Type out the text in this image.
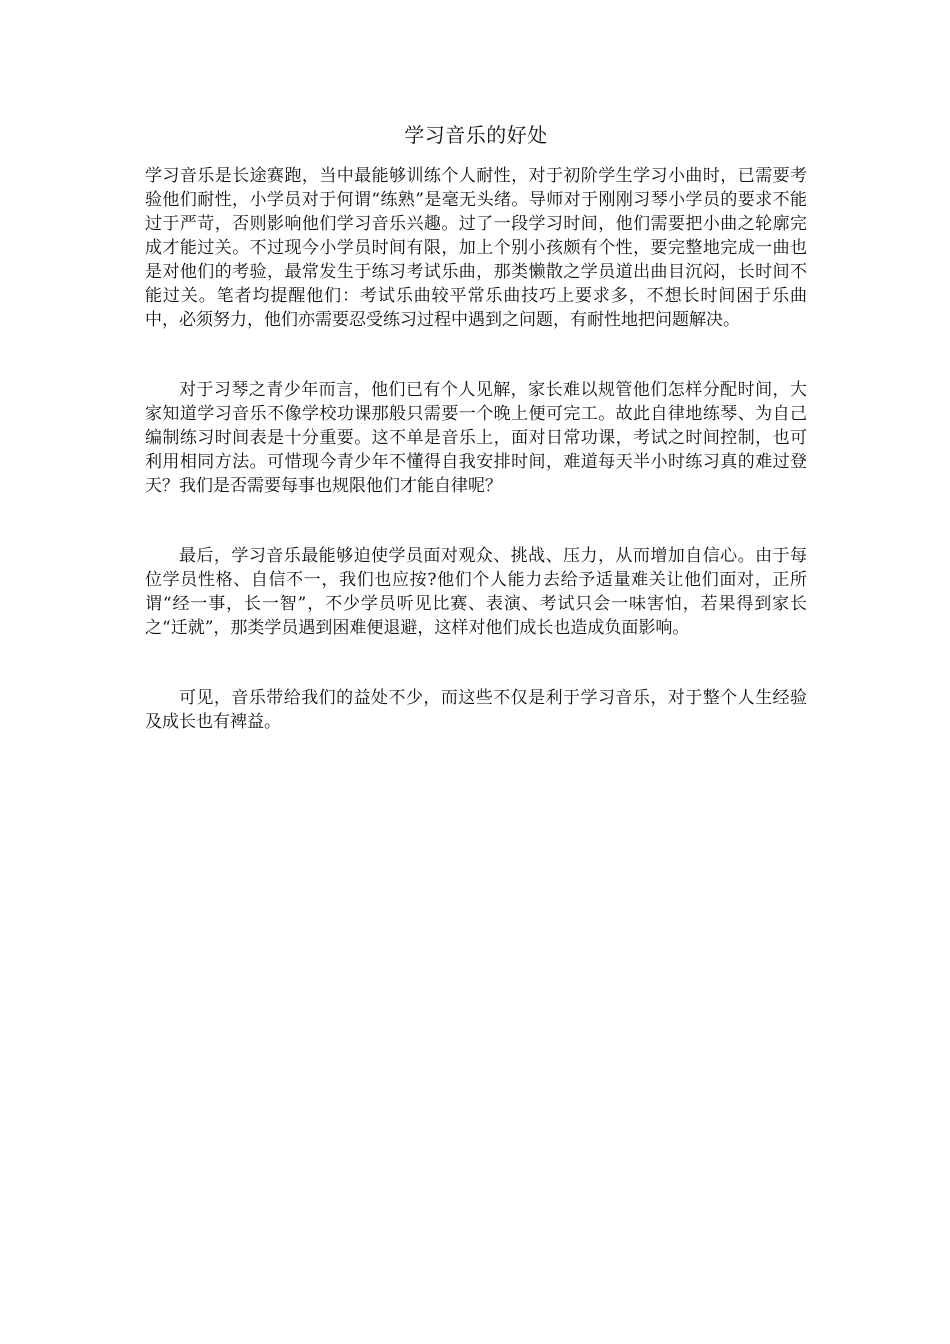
学习音乐的好处

学习音乐是长途赛跑，当中最能够训练个人耐性，对于初阶学生学习小曲时，已需要考验他们耐性，小学员对于何谓“练熟”是毫无头绪。导师对于刚刚习琴小学员的要求不能过于严苛，否则影响他们学习音乐兴趣。过了一段学习时间，他们需要把小曲之轮廓完成才能过关。不过现今小学员时间有限，加上个别小孩颇有个性，要完整地完成一曲也是对他们的考验，最常发生于练习考试乐曲，那类懒散之学员道出曲目沉闷，长时间不能过关。笔者均提醒他们：考试乐曲较平常乐曲技巧上要求多，不想长时间困于乐曲中，必须努力，他们亦需要忍受练习过程中遇到之问题，有耐性地把问题解决。

对于习琴之青少年而言，他们已有个人见解，家长难以规管他们怎样分配时间，大家知道学习音乐不像学校功课那般只需要一个晚上便可完工。故此自律地练琴、为自己编制练习时间表是十分重要。这不单是音乐上，面对日常功课，考试之时间控制，也可利用相同方法。可惜现今青少年不懂得自我安排时间，难道每天半小时练习真的难过登天？我们是否需要每事也规限他们才能自律呢？

最后，学习音乐最能够迫使学员面对观众、挑战、压力，从而增加自信心。由于每位学员性格、自信不一，我们也应按?他们个人能力去给予适量难关让他们面对，正所谓“经一事，长一智”，不少学员听见比赛、表演、考试只会一味害怕，若果得到家长之“迁就”，那类学员遇到困难便退避，这样对他们成长也造成负面影响。

可见，音乐带给我们的益处不少，而这些不仅是利于学习音乐，对于整个人生经验及成长也有裨益。
